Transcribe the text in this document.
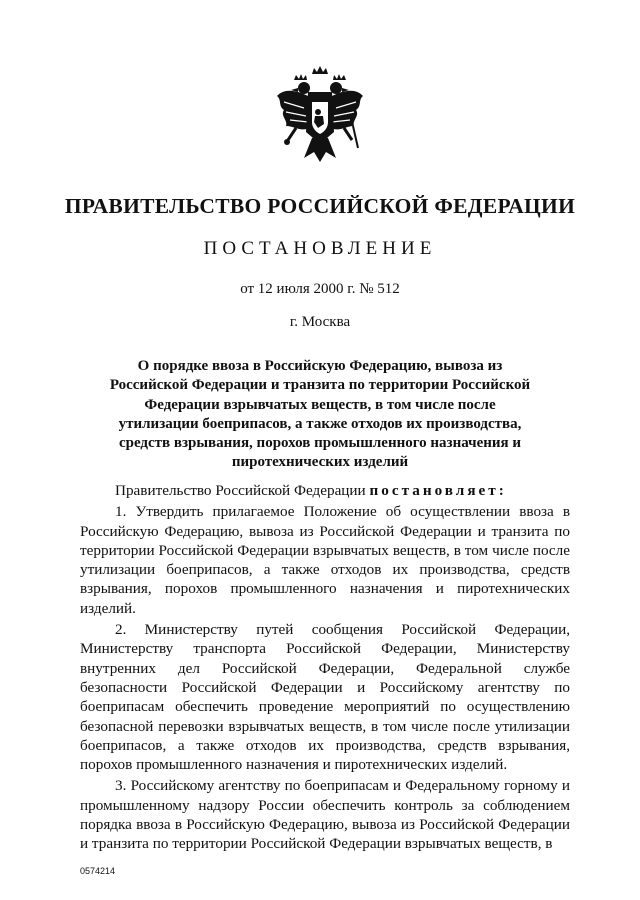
ПРАВИТЕЛЬСТВО РОССИЙСКОЙ ФЕДЕРАЦИИ
ПОСТАНОВЛЕНИЕ
от 12 июля 2000 г. № 512
г. Москва

О порядке ввоза в Российскую Федерацию, вывоза из Российской Федерации и транзита по территории Российской Федерации взрывчатых веществ, в том числе после утилизации боеприпасов, а также отходов их производства, средств взрывания, порохов промышленного назначения и пиротехнических изделий

Правительство Российской Федерации постановляет:

1. Утвердить прилагаемое Положение об осуществлении ввоза в Российскую Федерацию, вывоза из Российской Федерации и транзита по территории Российской Федерации взрывчатых веществ, в том числе после утилизации боеприпасов, а также отходов их производства, средств взрывания, порохов промышленного назначения и пиротехнических изделий.

2. Министерству путей сообщения Российской Федерации, Министерству транспорта Российской Федерации, Министерству внутренних дел Российской Федерации, Федеральной службе безопасности Российской Федерации и Российскому агентству по боеприпасам обеспечить проведение мероприятий по осуществлению безопасной перевозки взрывчатых веществ, в том числе после утилизации боеприпасов, а также отходов их производства, средств взрывания, порохов промышленного назначения и пиротехнических изделий.

3. Российскому агентству по боеприпасам и Федеральному горному и промышленному надзору России обеспечить контроль за соблюдением порядка ввоза в Российскую Федерацию, вывоза из Российской Федерации и транзита по территории Российской Федерации взрывчатых веществ, в

0574214
